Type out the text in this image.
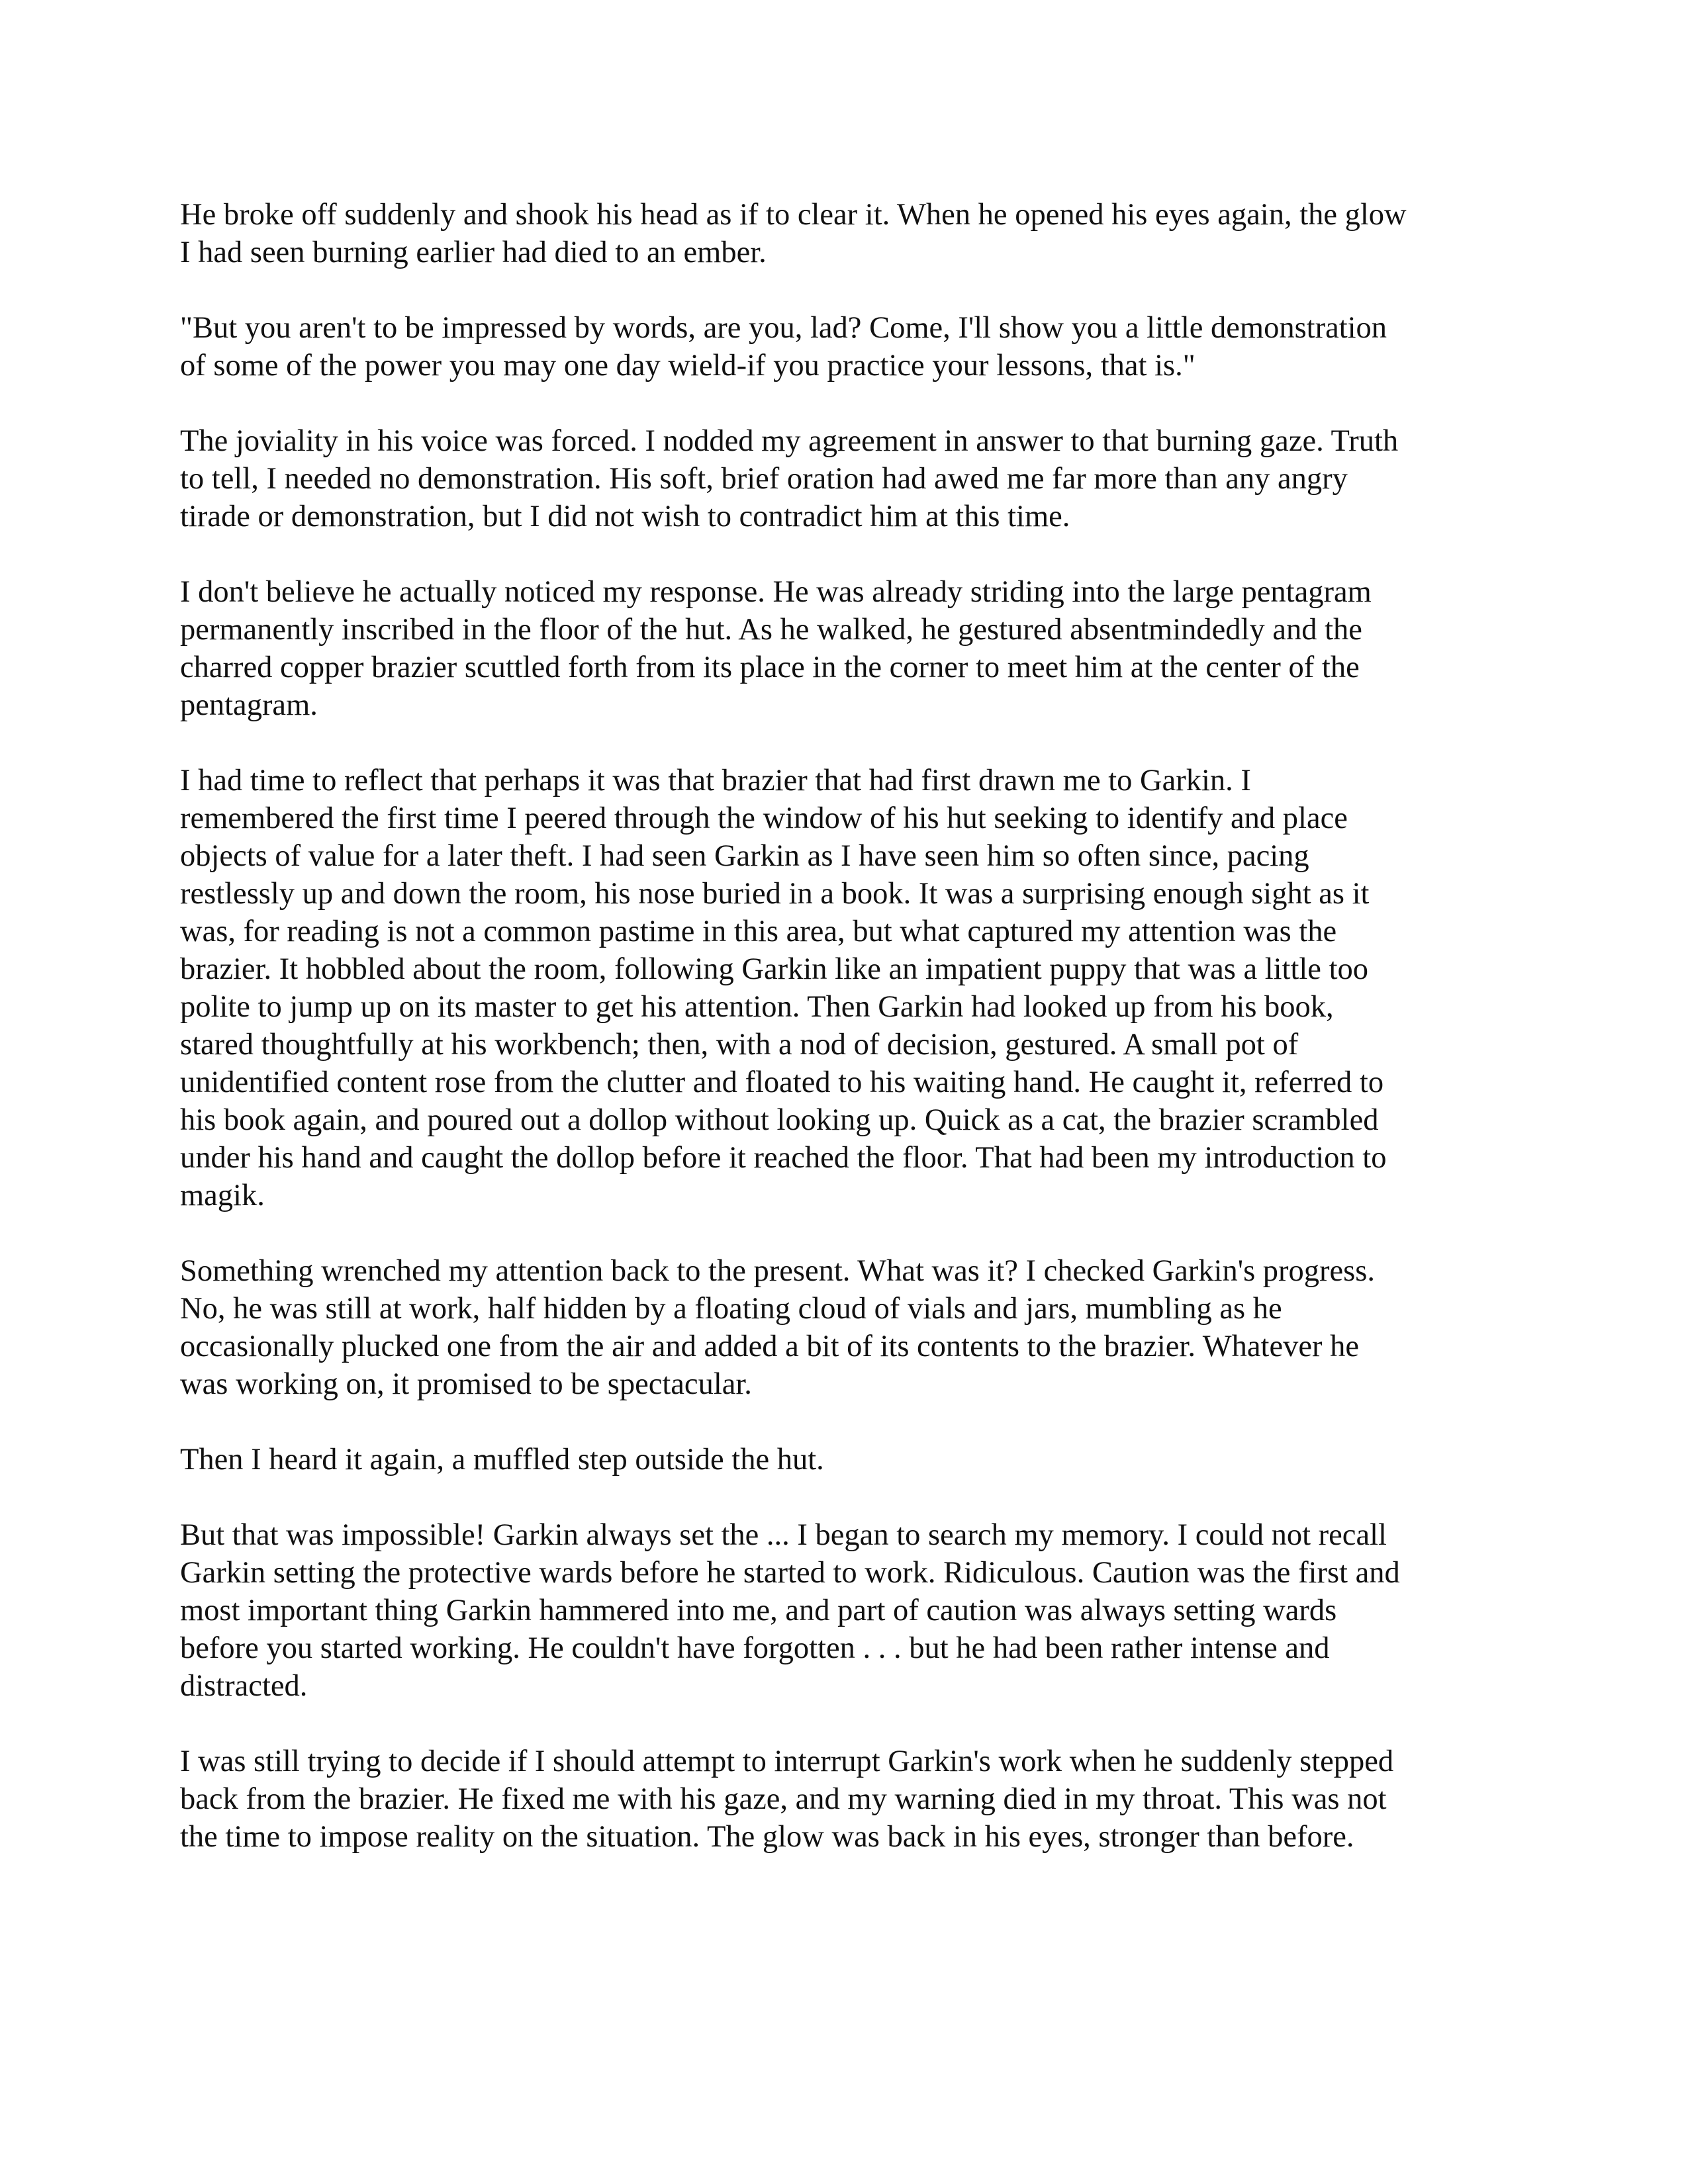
He broke off suddenly and shook his head as if to clear it. When he opened his eyes again, the glow
I had seen burning earlier had died to an ember.

"But you aren't to be impressed by words, are you, lad? Come, I'll show you a little demonstration
of some of the power you may one day wield-if you practice your lessons, that is."

The joviality in his voice was forced. I nodded my agreement in answer to that burning gaze. Truth
to tell, I needed no demonstration. His soft, brief oration had awed me far more than any angry
tirade or demonstration, but I did not wish to contradict him at this time.

I don't believe he actually noticed my response. He was already striding into the large pentagram
permanently inscribed in the floor of the hut. As he walked, he gestured absentmindedly and the
charred copper brazier scuttled forth from its place in the corner to meet him at the center of the
pentagram.

I had time to reflect that perhaps it was that brazier that had first drawn me to Garkin. I
remembered the first time I peered through the window of his hut seeking to identify and place
objects of value for a later theft. I had seen Garkin as I have seen him so often since, pacing
restlessly up and down the room, his nose buried in a book. It was a surprising enough sight as it
was, for reading is not a common pastime in this area, but what captured my attention was the
brazier. It hobbled about the room, following Garkin like an impatient puppy that was a little too
polite to jump up on its master to get his attention. Then Garkin had looked up from his book,
stared thoughtfully at his workbench; then, with a nod of decision, gestured. A small pot of
unidentified content rose from the clutter and floated to his waiting hand. He caught it, referred to
his book again, and poured out a dollop without looking up. Quick as a cat, the brazier scrambled
under his hand and caught the dollop before it reached the floor. That had been my introduction to
magik.

Something wrenched my attention back to the present. What was it? I checked Garkin's progress.
No, he was still at work, half hidden by a floating cloud of vials and jars, mumbling as he
occasionally plucked one from the air and added a bit of its contents to the brazier. Whatever he
was working on, it promised to be spectacular.

Then I heard it again, a muffled step outside the hut.

But that was impossible! Garkin always set the ... I began to search my memory. I could not recall
Garkin setting the protective wards before he started to work. Ridiculous. Caution was the first and
most important thing Garkin hammered into me, and part of caution was always setting wards
before you started working. He couldn't have forgotten . . . but he had been rather intense and
distracted.

I was still trying to decide if I should attempt to interrupt Garkin's work when he suddenly stepped
back from the brazier. He fixed me with his gaze, and my warning died in my throat. This was not
the time to impose reality on the situation. The glow was back in his eyes, stronger than before.
